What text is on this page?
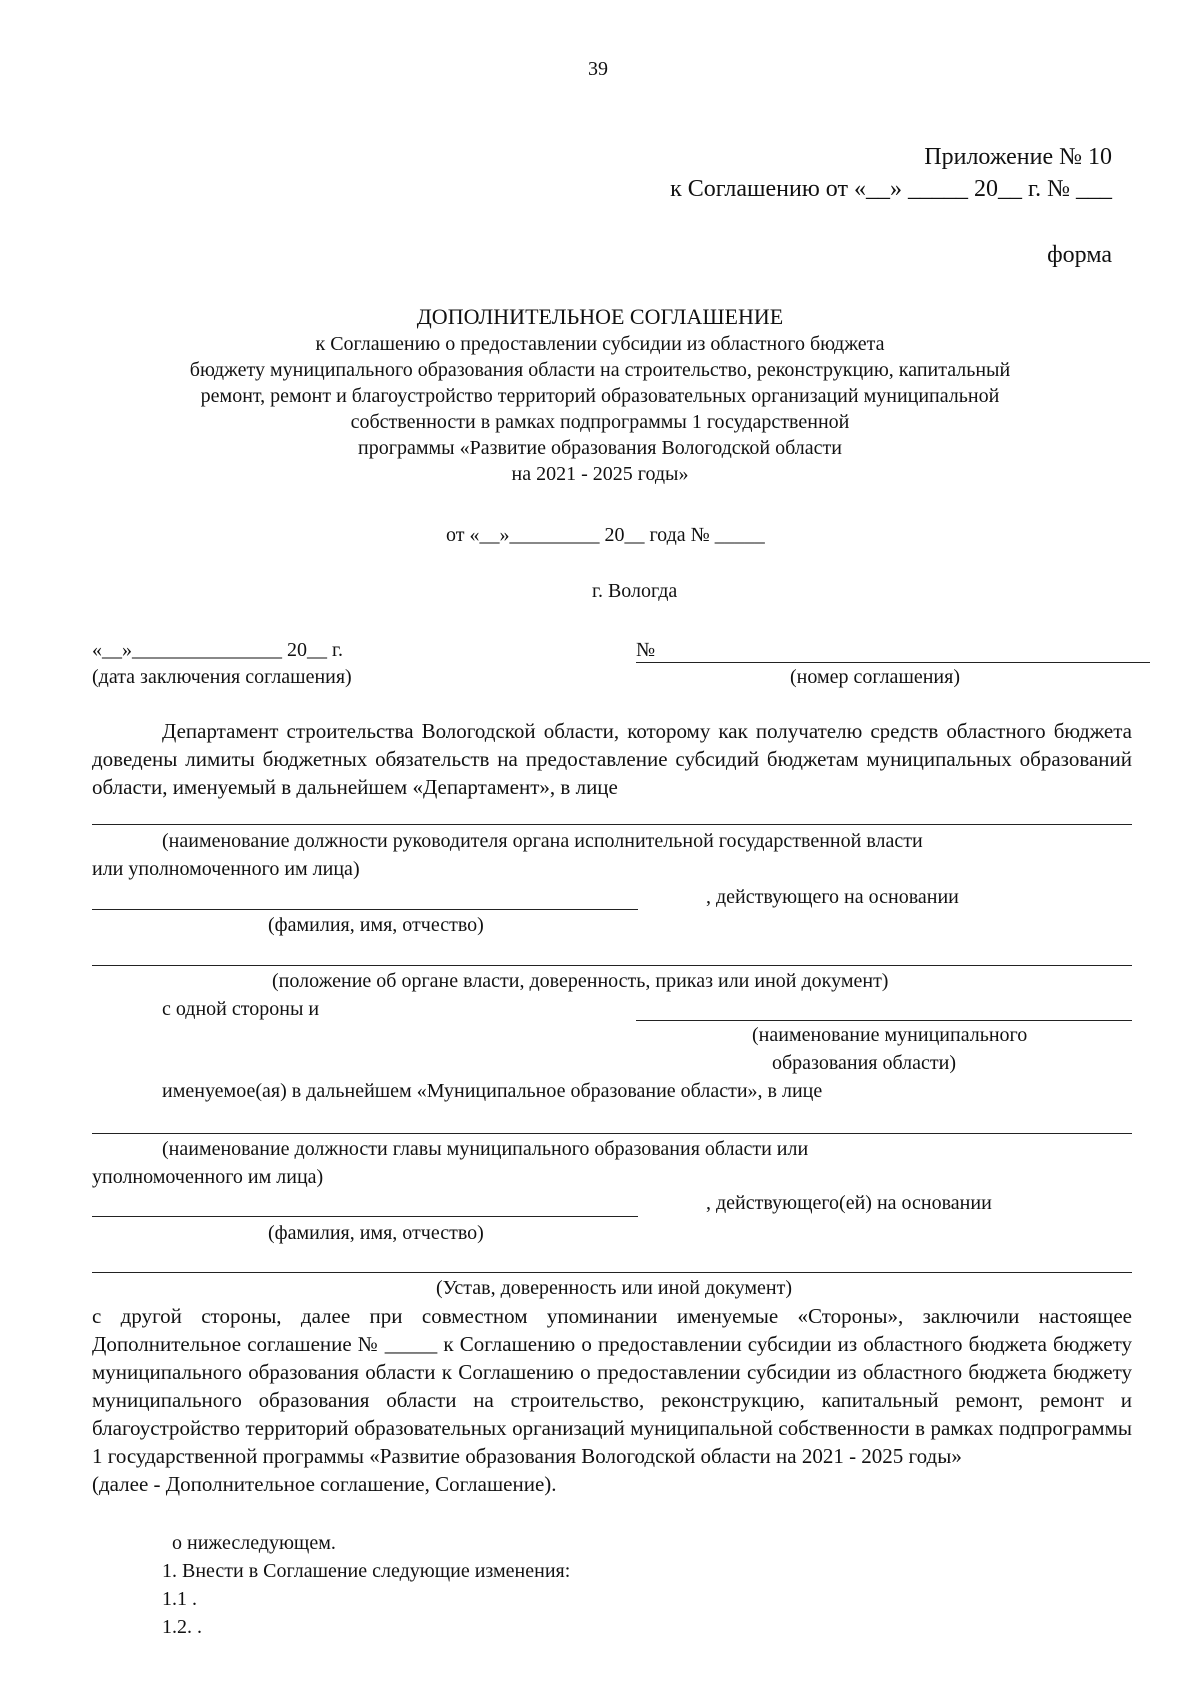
39
Приложение № 10
к Соглашению от «__» _____ 20__ г. № ___
форма
ДОПОЛНИТЕЛЬНОЕ СОГЛАШЕНИЕ
к Соглашению о предоставлении субсидии из областного бюджета
бюджету муниципального образования области на строительство, реконструкцию, капитальный
ремонт, ремонт и благоустройство территорий образовательных организаций муниципальной
собственности в рамках подпрограммы 1 государственной
программы «Развитие образования Вологодской области
на 2021 - 2025 годы»
от «__»_________ 20__ года № _____
г. Вологда
«__»_______________ 20__ г.
(дата заключения соглашения)
№
(номер соглашения)
Департамент строительства Вологодской области, которому как получателю средств областного бюджета доведены лимиты бюджетных обязательств на предоставление субсидий бюджетам муниципальных образований области, именуемый в дальнейшем «Департамент», в лице
(наименование должности руководителя органа исполнительной государственной власти
или уполномоченного им лица)
, действующего на основании
(фамилия, имя, отчество)
(положение об органе власти, доверенность, приказ или иной документ)
с одной стороны и
(наименование муниципального
образования области)
именуемое(ая) в дальнейшем «Муниципальное образование области», в лице
(наименование должности главы муниципального образования области или
уполномоченного им лица)
, действующего(ей) на основании
(фамилия, имя, отчество)
(Устав, доверенность или иной документ)
с другой стороны, далее при совместном упоминании именуемые «Стороны», заключили настоящее Дополнительное соглашение № _____ к Соглашению о предоставлении субсидии из областного бюджета бюджету муниципального образования области к Соглашению о предоставлении субсидии из областного бюджета бюджету муниципального образования области на строительство, реконструкцию, капитальный ремонт, ремонт и благоустройство территорий образовательных организаций муниципальной собственности в рамках подпрограммы 1 государственной программы «Развитие образования Вологодской области на 2021 - 2025 годы»
(далее - Дополнительное соглашение, Соглашение).
о нижеследующем.
1. Внести в Соглашение следующие изменения:
1.1 .
1.2. .
